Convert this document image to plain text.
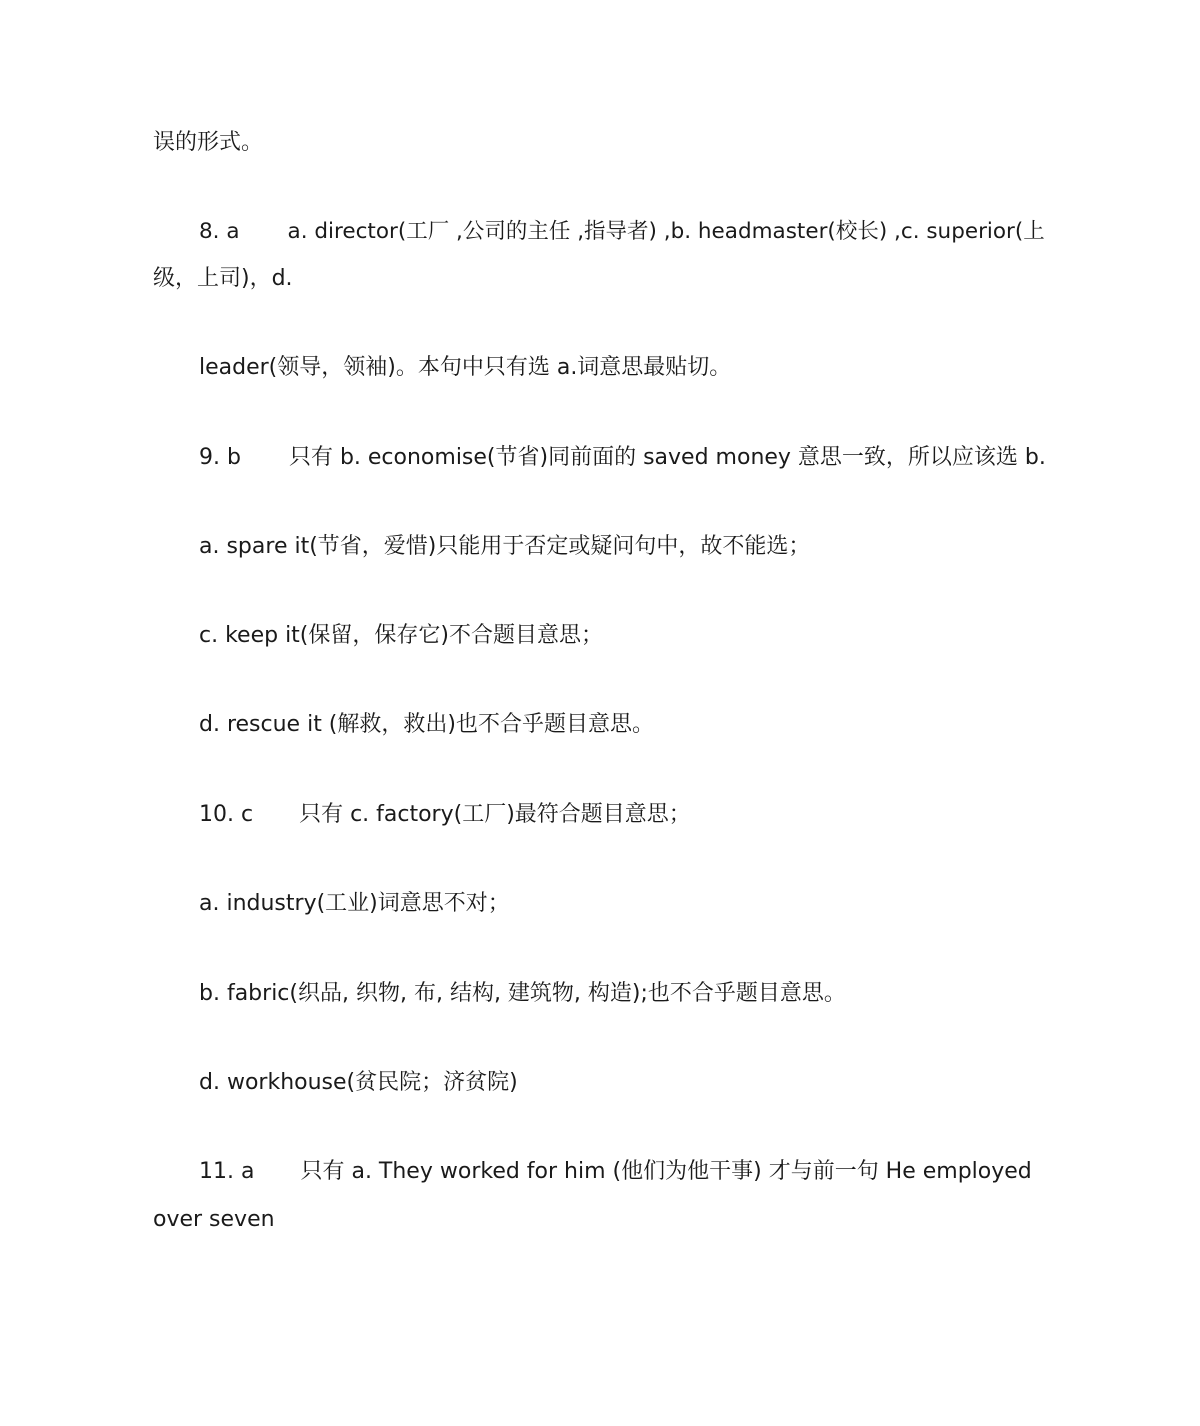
误的形式。
8. a a. director(工厂 ,公司的主任 ,指导者) ,b. headmaster(校长) ,c. superior(上
级，上司)，d.
leader(领导，领袖)。本句中只有选 a.词意思最贴切。
9. b 只有 b. economise(节省)同前面的 saved money 意思一致，所以应该选 b.
a. spare it(节省，爱惜)只能用于否定或疑问句中，故不能选；
c. keep it(保留，保存它)不合题目意思；
d. rescue it (解救，救出)也不合乎题目意思。
10. c 只有 c. factory(工厂)最符合题目意思；
a. industry(工业)词意思不对；
b. fabric(织品, 织物, 布, 结构, 建筑物, 构造);也不合乎题目意思。
d. workhouse(贫民院；济贫院)
11. a 只有 a. They worked for him (他们为他干事) 才与前一句 He employed
over seven
